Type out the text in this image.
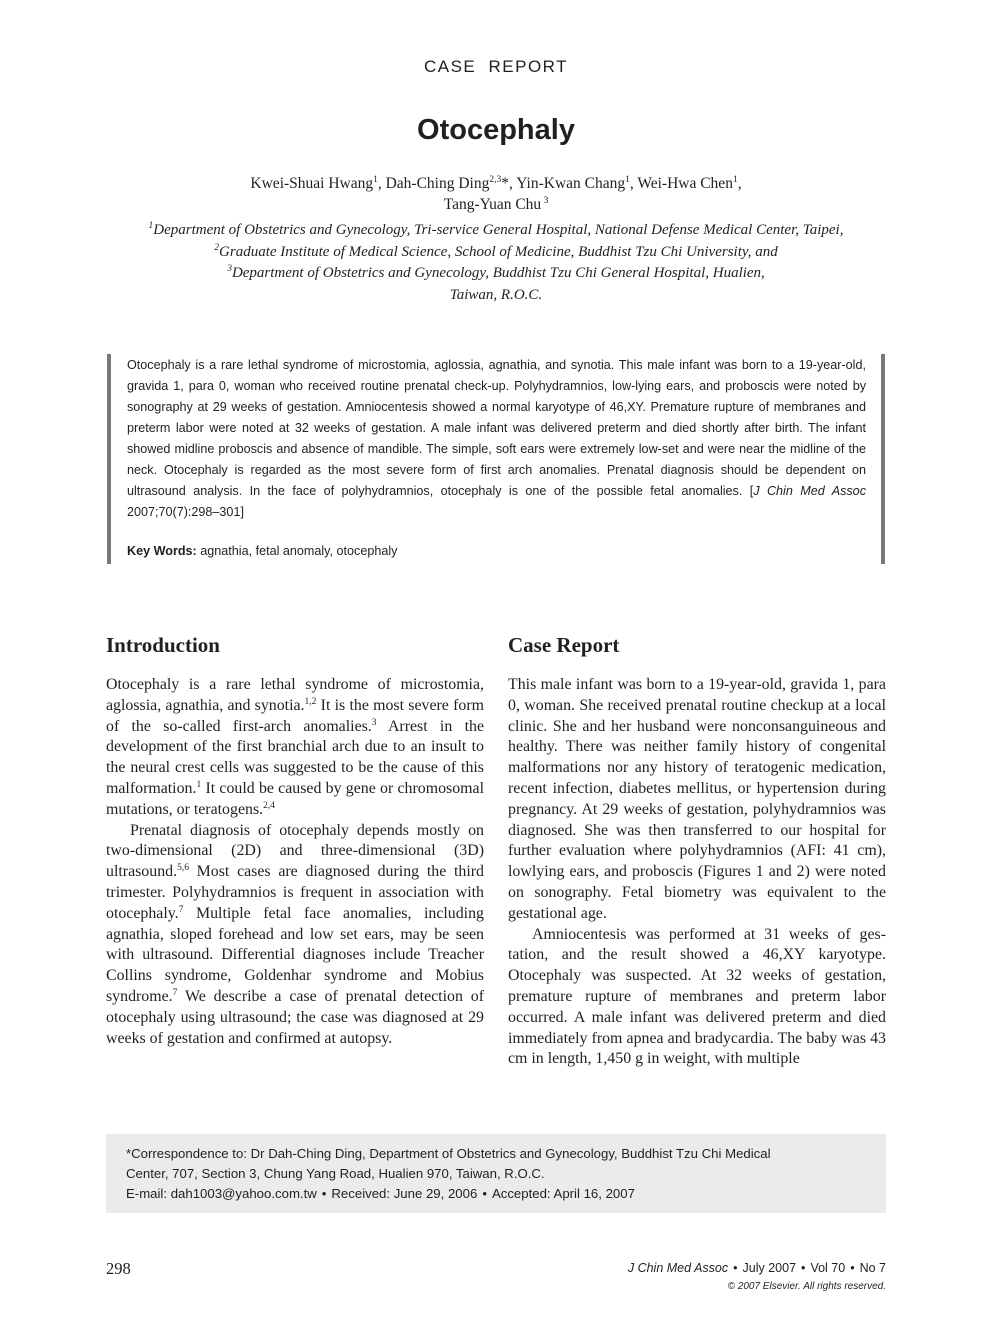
CASE REPORT
Otocephaly
Kwei-Shuai Hwang$^1$, Dah-Ching Ding$^{2,3}$*, Yin-Kwan Chang$^1$, Wei-Hwa Chen$^1$,
Tang-Yuan Chu $^3$
$^1$Department of Obstetrics and Gynecology, Tri-service General Hospital, National Defense Medical Center, Taipei,
$^2$Graduate Institute of Medical Science, School of Medicine, Buddhist Tzu Chi University, and
$^3$Department of Obstetrics and Gynecology, Buddhist Tzu Chi General Hospital, Hualien,
Taiwan, R.O.C.

Otocephaly is a rare lethal syndrome of microstomia, aglossia, agnathia, and synotia. This male infant was born to a 19-year-old, gravida 1, para 0, woman who received routine prenatal check-up. Polyhydramnios, low-lying ears, and proboscis were noted by sonography at 29 weeks of gestation. Amniocentesis showed a normal karyotype of 46,XY. Premature rupture of membranes and preterm labor were noted at 32 weeks of gestation. A male infant was delivered preterm and died shortly after birth. The infant showed midline proboscis and absence of mandible. The simple, soft ears were extremely low-set and were near the midline of the neck. Otocephaly is regarded as the most severe form of first arch anomalies. Prenatal diagnosis should be dependent on ultrasound analysis. In the face of polyhydramnios, otocephaly is one of the possible fetal anomalies. [J Chin Med Assoc 2007;70(7):298–301]

Key Words: agnathia, fetal anomaly, otocephaly

Introduction

Otocephaly is a rare lethal syndrome of microstomia, aglossia, agnathia, and synotia.$^{1,2}$ It is the most severe form of the so-called first-arch anomalies.$^3$ Arrest in the development of the first branchial arch due to an insult to the neural crest cells was suggested to be the cause of this malformation.$^1$ It could be caused by gene or chromosomal mutations, or teratogens.$^{2,4}$

Prenatal diagnosis of otocephaly depends mostly on two-dimensional (2D) and three-dimensional (3D) ultrasound.$^{5,6}$ Most cases are diagnosed during the third trimester. Polyhydramnios is frequent in association with otocephaly.$^7$ Multiple fetal face anomalies, including agnathia, sloped forehead and low set ears, may be seen with ultrasound. Differential diagnoses include Treacher Collins syndrome, Goldenhar syndrome and Mobius syndrome.$^7$ We describe a case of prenatal detection of otocephaly using ultrasound; the case was diagnosed at 29 weeks of gestation and confirmed at autopsy.

Case Report

This male infant was born to a 19-year-old, gravida 1, para 0, woman. She received prenatal routine checkup at a local clinic. She and her husband were nonconsanguineous and healthy. There was neither family history of congenital malformations nor any history of teratogenic medication, recent infection, diabetes mellitus, or hypertension during pregnancy. At 29 weeks of gestation, polyhydramnios was diagnosed. She was then transferred to our hospital for further evaluation where polyhydramnios (AFI: 41 cm), lowlying ears, and proboscis (Figures 1 and 2) were noted on sonography. Fetal biometry was equivalent to the gestational age.

Amniocentesis was performed at 31 weeks of gestation, and the result showed a 46,XY karyotype. Otocephaly was suspected. At 32 weeks of gestation, premature rupture of membranes and preterm labor occurred. A male infant was delivered preterm and died immediately from apnea and bradycardia. The baby was 43 cm in length, 1,450 g in weight, with multiple

*Correspondence to: Dr Dah-Ching Ding, Department of Obstetrics and Gynecology, Buddhist Tzu Chi Medical
Center, 707, Section 3, Chung Yang Road, Hualien 970, Taiwan, R.O.C.
E-mail: dah1003@yahoo.com.tw • Received: June 29, 2006 • Accepted: April 16, 2007
298	J Chin Med Assoc • July 2007 • Vol 70 • No 7
© 2007 Elsevier. All rights reserved.
